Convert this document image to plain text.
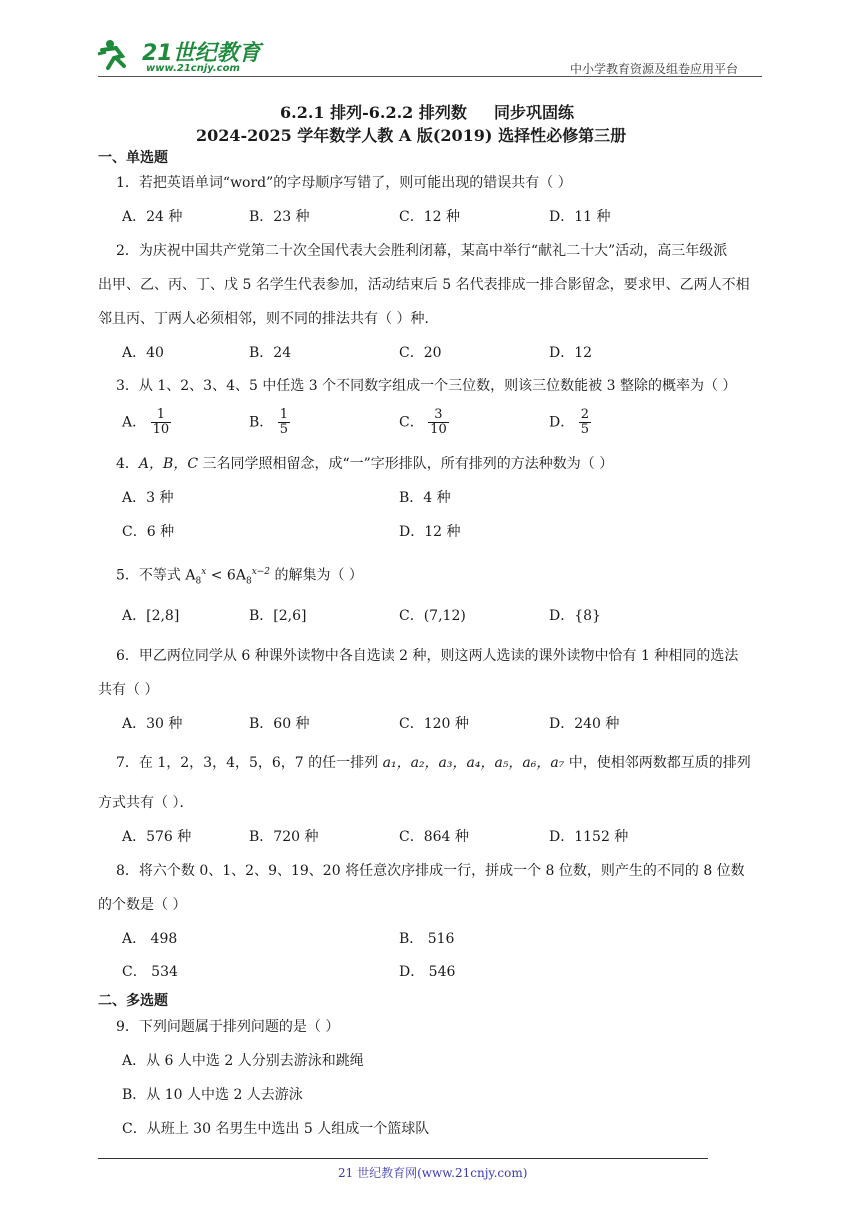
21世纪教育
www.21cnjy.com	中小学教育资源及组卷应用平台
6.2.1 排列-6.2.2 排列数 同步巩固练
2024-2025 学年数学人教 A 版(2019) 选择性必修第三册
一、单选题
1．若把英语单词“word”的字母顺序写错了，则可能出现的错误共有（ ）
A．24 种	B．23 种	C．12 种	D．11 种
2．为庆祝中国共产党第二十次全国代表大会胜利闭幕，某高中举行“献礼二十大”活动，高三年级派
出甲、乙、丙、丁、戊 5 名学生代表参加，活动结束后 5 名代表排成一排合影留念，要求甲、乙两人不相
邻且丙、丁两人必须相邻，则不同的排法共有（ ）种．
A．40	B．24	C．20	D．12
3．从 1、2、3、4、5 中任选 3 个不同数字组成一个三位数，则该三位数能被 3 整除的概率为（ ）
A． $\frac{1}{10}$	B． $\frac{1}{5}$	C． $\frac{3}{10}$	D． $\frac{2}{5}$
4．A，B，C 三名同学照相留念，成“一”字形排队，所有排列的方法种数为（ ）
A．3 种	B．4 种
C．6 种	D．12 种
5．不等式 $A_8^x < 6A_8^{x-2}$ 的解集为（ ）
A．[2,8]	B．[2,6]	C．(7,12)	D．{8}
6．甲乙两位同学从 6 种课外读物中各自选读 2 种，则这两人选读的课外读物中恰有 1 种相同的选法
共有（ ）
A．30 种	B．60 种	C．120 种	D．240 种
7．在 1，2，3，4，5，6，7 的任一排列 a₁，a₂，a₃，a₄，a₅，a₆，a₇ 中，使相邻两数都互质的排列
方式共有（ ）．
A．576 种	B．720 种	C．864 种	D．1152 种
8．将六个数 0、1、2、9、19、20 将任意次序排成一行，拼成一个 8 位数，则产生的不同的 8 位数
的个数是（ ）
A． 498	B． 516
C． 534	D． 546
二、多选题
9．下列问题属于排列问题的是（ ）
A．从 6 人中选 2 人分别去游泳和跳绳
B．从 10 人中选 2 人去游泳
C．从班上 30 名男生中选出 5 人组成一个篮球队
21 世纪教育网(www.21cnjy.com)
